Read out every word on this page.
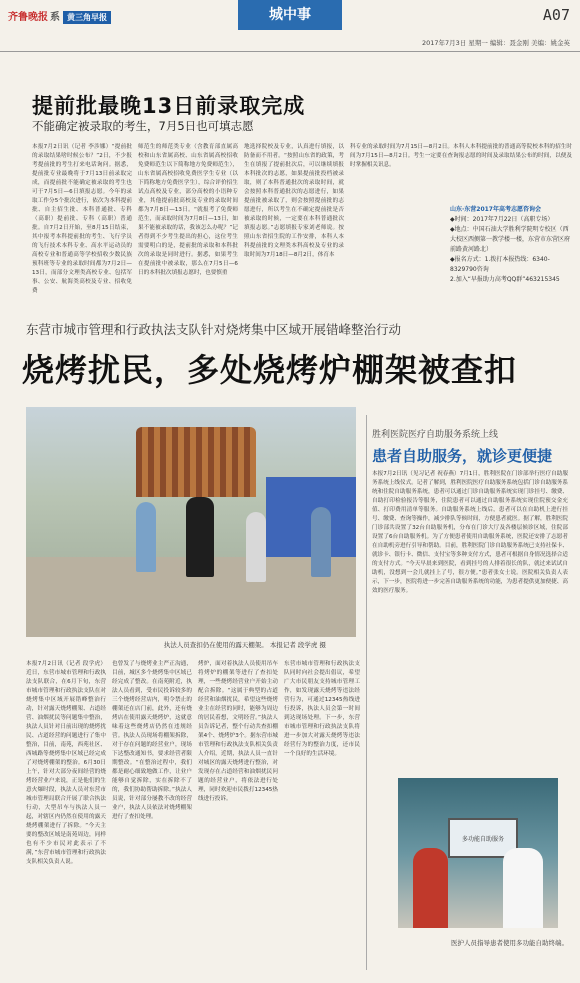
齐鲁晚报 系 黄三角早报	城中事	A07
2017年7月3日 星期一 编辑：聂金刚 美编：姚金英
提前批最晚13日前录取完成
不能确定被录取的考生，7月5日也可填志愿
本报7月2日讯（记者 李涉娜）“提前批的录取结果啥时候公布？”2日，不少报考提前批的考生打来电话询问。据悉，提前批专业最晚将于7月13日前录取完成，而提前批不能确定被录取的考生也可于7月5日—6日填报志愿。今年的录取工作分5个批次进行，依次为本科提前批、自主招生批、本科普通批、专科（高职）提前批、专科（高职）普通批。自7月2日开始，至8月15日结束，其中报考本科提前批的考生、飞行学员的飞行技术本科专业、高水平运动员的高校专业和普通高等学校招收少数民族预科班等专业的录取时间都为7月2日—13日，而部分文理类高校专业、包括军事、公安、航海类高校及专业、招收免费
师范生的师范类专业（含教育部直属高校和山东省属高校、山东省属高校招收免费师范生以下简称地方免费师范生），山东省属高校招收免费医学生专业（以下简称地方免费医学生），综合评价招生试点高校及专业，部分高校的小语种专业，其他提前批高校及专业的录取时间都为7月8日—13日。“就报考了免费师范生，而录取时间为7月8日—13日，如果不能被录取的话，我该怎么办呢？”记者得到不少考生提出的担心，这位考生需要明白的是，提前批的录取和本科批次的录取是同时进行。据悉，如果考生在提前批中被录取，那么在7月5日—6日的本科批次填报志愿时，也要慎重
地选择院校及专业，认真进行填报，以防备而不用者。“按照山东省的政策，考生在填报了提前批次后，可以继续填报本科批次的志愿，如果提前批投档被录取，则了本科普通批次的录取时间，就会按照本科普通批次的志愿进行，如果提前批被录取了，则会按照提前批的志愿进行，所以考生在不确定提前批是否被录取的时候，一定要在本科普通批次填报志愿。”志愿填报专家刘老师说。按照山东省招生院的工作安排，本科人本科提前批的文理类本科高校及专业的录取时间为7月18日—8月2日，体育本
科专业的录取时间为7月15日—8月2日。本科人本科提前批的普通高等院校本科的招生时间为7月15日—8月2日。考生一定要在查询报志愿的时间及录取结果公布的时间，以便及时掌握相关讯息。
山东·东营2017年高考志愿咨询会
◆时间：2017年7月22日（高职专场）
◆地点：中国石油大学胜利学院明专校区（西大校区西侧第一教学楼一楼，东营市东营区府前路黄河路北）
◆报名方式：1.拨打本报热线：6340-8329790咨询
2.加入“早报助力高考QQ群”463215345
东营市城市管理和行政执法支队针对烧烤集中区域开展错峰整治行动
烧烤扰民，多处烧烤炉棚架被查扣
执法人员查扣仍在使用的露天棚架。 本报记者 段学虎 摄
本报7月2日讯（记者 段学虎）近日，东营市城市管理和行政执法支队联合，在6月下旬，东营市城市管理和行政执法支队在对烧烤集中区域开展错峰整治行动，针对露天烧烤棚架、占道经营、油烟扰民等问题集中整治，执法人员针对日前出现的烧烤扰民、占道经营的问题进行了集中整治，目前，南苑，西苑社区、西城路等烧烤集中区域已经完成了对烧烤棚架的整治。6月30日上午，针对大部分夜间经营的烧烤经营业户来说，正是他们的生意火爆时段，执法人员对东营市城市管理局联合开展了联合执法行动，大型吊车与执法人员一起，对辖区内仍然在使用的露天烧烤棚架进行了拆除。“今天主要的整改区域是南苑周边，同样也有不少市民对此表示了不满，”东营市城市管理和行政执法支队相关负责人说。
也曾发了与烧烤业主严正沟通，目前，城区多个烧烤集中区域已经完成了整改。在南苑附近，执法人员看到，受市民投诉较多的三个烧烤经营店内，明令禁止的棚架还在店门前，此外，还有烧烤店在使用露天烧烤炉，这就意味着这些烧烤店仍然在违规经营。执法人员现场将棚架拆除，对于存在问题的经营业户，现场下达整改通知书，要求经营者限期整改。“在整治过程中，我们都是耐心细致地做工作，让业户能够自觉拆除，实在拆除不了的，我们协助帮助拆除。”执法人员说，针对部分屡教不改的经营业户，执法人员依法对烧烤棚架进行了查扣处理。
烤炉，面对着执法人员使用吊车将烤炉的棚架等进行了查扣处理，一些烧烤经营业户开始主动配合拆除。“这属于典型的占道经营和油烟扰民，希望这些烧烤业主在经营的同时，能够为周边的居民着想，文明经营。”执法人员告诉记者，整个行动共查扣棚架4个、烧烤炉3个。据东营市城市管理和行政执法支队相关负责人介绍，近期，执法人员一直针对城区的露天烧烤进行整治，对发现存在占道经营和油烟扰民问题的经营业户，将依法进行处理，同时欢迎市民拨打12345热线进行投诉。
东营市城市管理和行政执法支队同时向社会提出倡议，希望广大市民朋友支持城市管理工作，如发现露天烧烤等违法经营行为，可通过12345热线进行投诉，执法人员会第一时间到达现场处理。下一步，东营市城市管理和行政执法支队将进一步加大对露天烧烤等违法经营行为的整治力度，还市民一个良好的生活环境。
胜利医院医疗自助服务系统上线
患者自助服务，就诊更便捷
本报7月2日讯（见习记者 祝春燕）7月1日，胜利医院在门诊部举行医疗自助服务系统上线仪式。记者了解到，胜利医院医疗自助服务系统包括门诊自助服务系统和住院自助服务系统，患者可以通过门诊自助服务系统实现门诊挂号、缴费、自助打印检验报告等服务，住院患者可以通过自助服务系统实现住院预交金充值、打印费用清单等服务。自助服务系统上线后，患者可以在自助机上进行挂号、缴费、查询等操作，减少排队等候时间，方便患者就医。据了解，胜利医院门诊部共设置了32台自助服务机，分布在门诊大厅及各楼层候诊区域，住院部设置了6台自助服务机。为了方便患者使用自助服务系统，医院还安排了志愿者在自助机旁进行引导和帮助。目前，胜利医院门诊自助服务系统已支持社保卡、就诊卡、银行卡、微信、支付宝等多种支付方式，患者可根据自身情况选择合适的支付方式。“今天早晨来到医院，看到挂号的人排着很长的队，就过来试试自助机，没想到一会儿就挂上了号，很方便。”患者张女士说。医院相关负责人表示，下一步，医院将进一步完善自助服务系统的功能，为患者提供更加便捷、高效的医疗服务。
多功能自助服务
医护人员指导患者使用多功能自助终端。
